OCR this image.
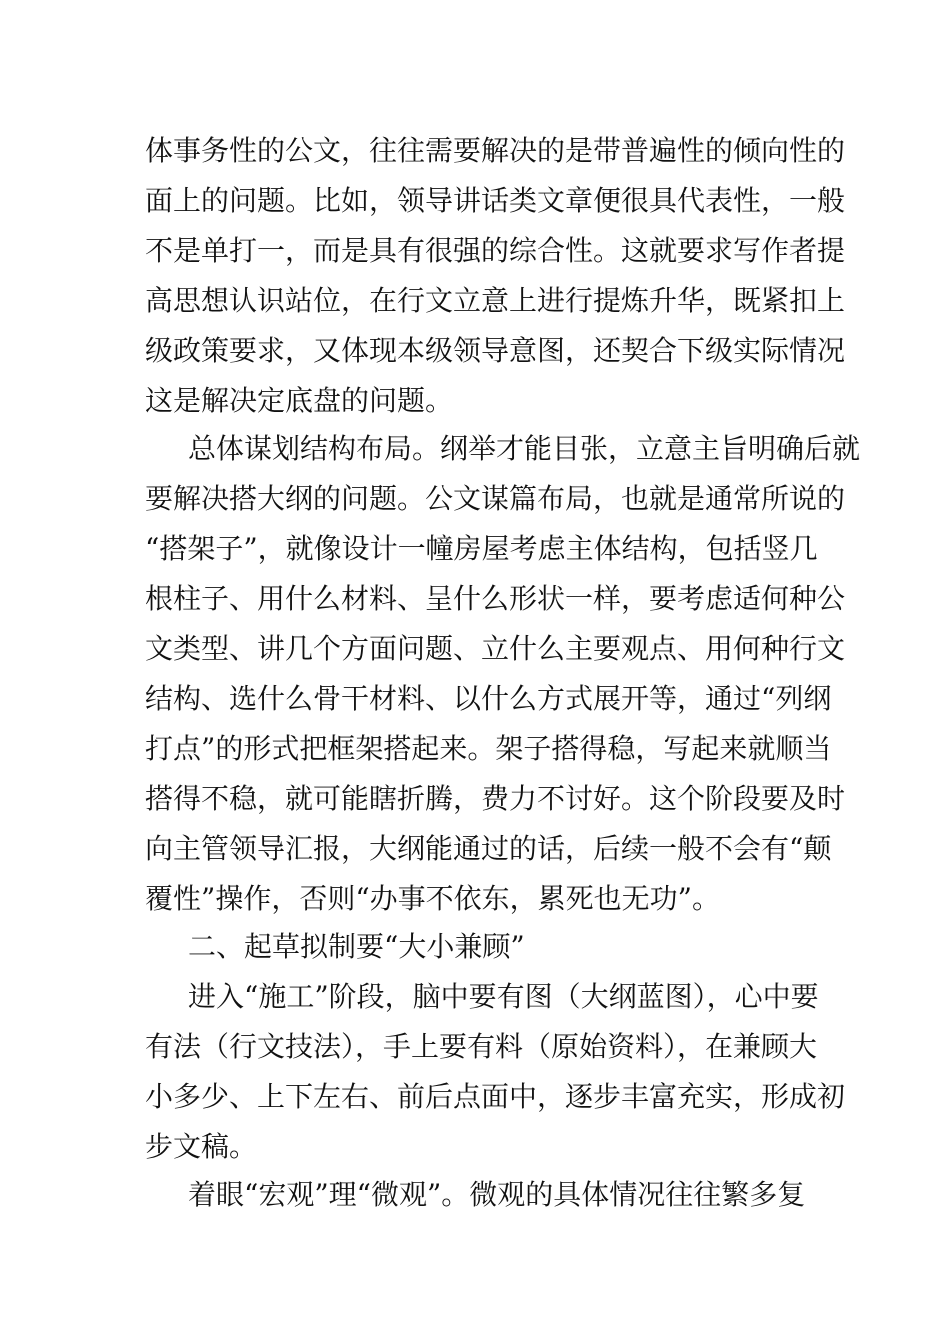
体事务性的公文，往往需要解决的是带普遍性的倾向性的
面上的问题。比如，领导讲话类文章便很具代表性，一般
不是单打一，而是具有很强的综合性。这就要求写作者提
高思想认识站位，在行文立意上进行提炼升华，既紧扣上
级政策要求，又体现本级领导意图，还契合下级实际情况
这是解决定底盘的问题。
总体谋划结构布局。纲举才能目张，立意主旨明确后就
要解决搭大纲的问题。公文谋篇布局，也就是通常所说的
“搭架子”，就像设计一幢房屋考虑主体结构，包括竖几
根柱子、用什么材料、呈什么形状一样，要考虑适何种公
文类型、讲几个方面问题、立什么主要观点、用何种行文
结构、选什么骨干材料、以什么方式展开等，通过“列纲
打点”的形式把框架搭起来。架子搭得稳，写起来就顺当
搭得不稳，就可能瞎折腾，费力不讨好。这个阶段要及时
向主管领导汇报，大纲能通过的话，后续一般不会有“颠
覆性”操作，否则“办事不依东，累死也无功”。
二、起草拟制要“大小兼顾”
进入“施工”阶段，脑中要有图（大纲蓝图），心中要
有法（行文技法），手上要有料（原始资料），在兼顾大
小多少、上下左右、前后点面中，逐步丰富充实，形成初
步文稿。
着眼“宏观”理“微观”。微观的具体情况往往繁多复
